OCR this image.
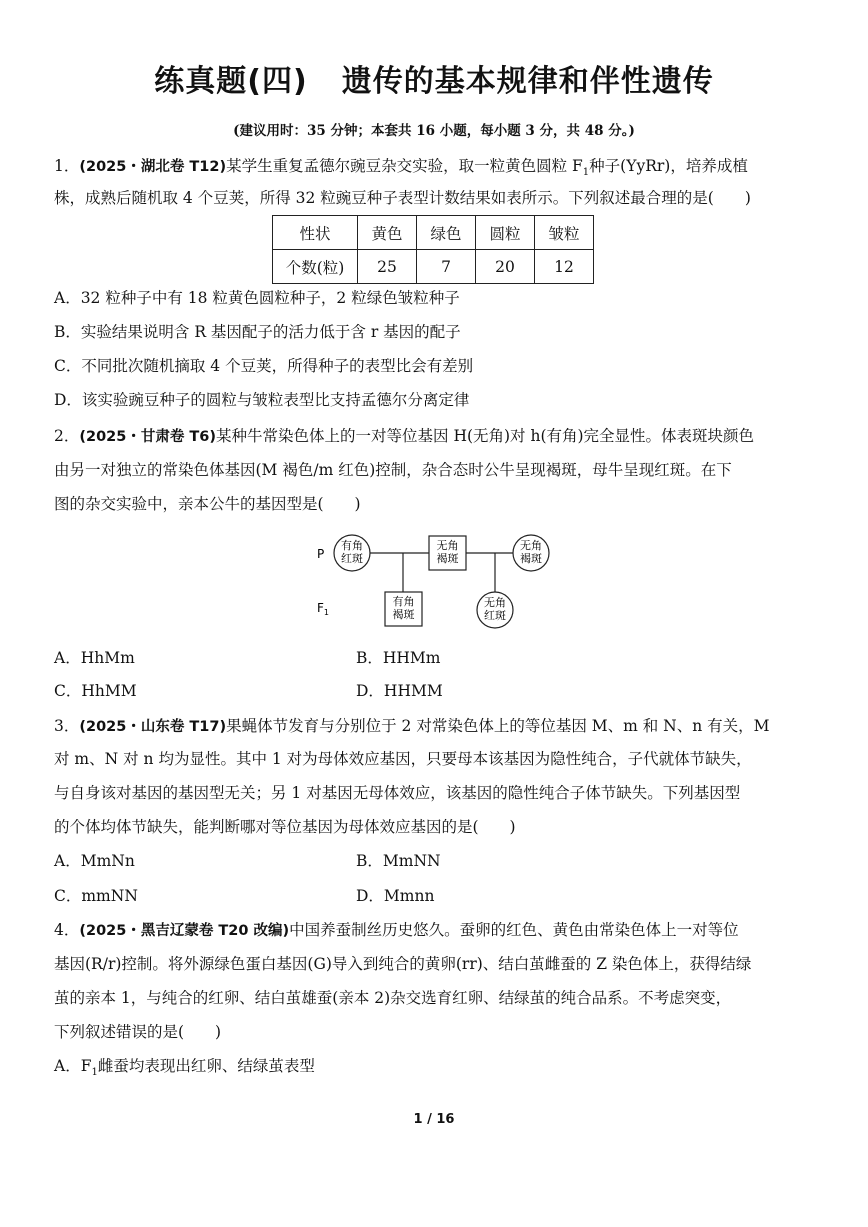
练真题(四) 遗传的基本规律和伴性遗传
(建议用时：35 分钟；本套共 16 小题，每小题 3 分，共 48 分。)
1．(2025・湖北卷 T12)某学生重复孟德尔豌豆杂交实验，取一粒黄色圆粒 $F_1$种子(YyRr)，培养成植
株，成熟后随机取 4 个豆荚，所得 32 粒豌豆种子表型计数结果如表所示。下列叙述最合理的是(　　)
性状	黄色	绿色	圆粒	皱粒
个数(粒)	25	7	20	12
A．32 粒种子中有 18 粒黄色圆粒种子，2 粒绿色皱粒种子
B．实验结果说明含 R 基因配子的活力低于含 r 基因的配子
C．不同批次随机摘取 4 个豆荚，所得种子的表型比会有差别
D．该实验豌豆种子的圆粒与皱粒表型比支持孟德尔分离定律
2．(2025・甘肃卷 T6)某种牛常染色体上的一对等位基因 H(无角)对 h(有角)完全显性。体表斑块颜色
由另一对独立的常染色体基因(M 褐色/m 红色)控制，杂合态时公牛呈现褐斑，母牛呈现红斑。在下
图的杂交实验中，亲本公牛的基因型是(　　)
P
$F_1$
有角
红斑
无角
褐斑
无角
褐斑
有角
褐斑
无角
红斑
A．HhMm	B．HHMm
C．HhMM	D．HHMM
3．(2025・山东卷 T17)果蝇体节发育与分别位于 2 对常染色体上的等位基因 M、m 和 N、n 有关，M
对 m、N 对 n 均为显性。其中 1 对为母体效应基因，只要母本该基因为隐性纯合，子代就体节缺失，
与自身该对基因的基因型无关；另 1 对基因无母体效应，该基因的隐性纯合子体节缺失。下列基因型
的个体均体节缺失，能判断哪对等位基因为母体效应基因的是(　　)
A．MmNn	B．MmNN
C．mmNN	D．Mmnn
4．(2025・黑吉辽蒙卷 T20 改编)中国养蚕制丝历史悠久。蚕卵的红色、黄色由常染色体上一对等位
基因(R/r)控制。将外源绿色蛋白基因(G)导入到纯合的黄卵(rr)、结白茧雌蚕的 Z 染色体上，获得结绿
茧的亲本 1，与纯合的红卵、结白茧雄蚕(亲本 2)杂交选育红卵、结绿茧的纯合品系。不考虑突变，
下列叙述错误的是(　　)
A．$F_1$雌蚕均表现出红卵、结绿茧表型
1 / 16
